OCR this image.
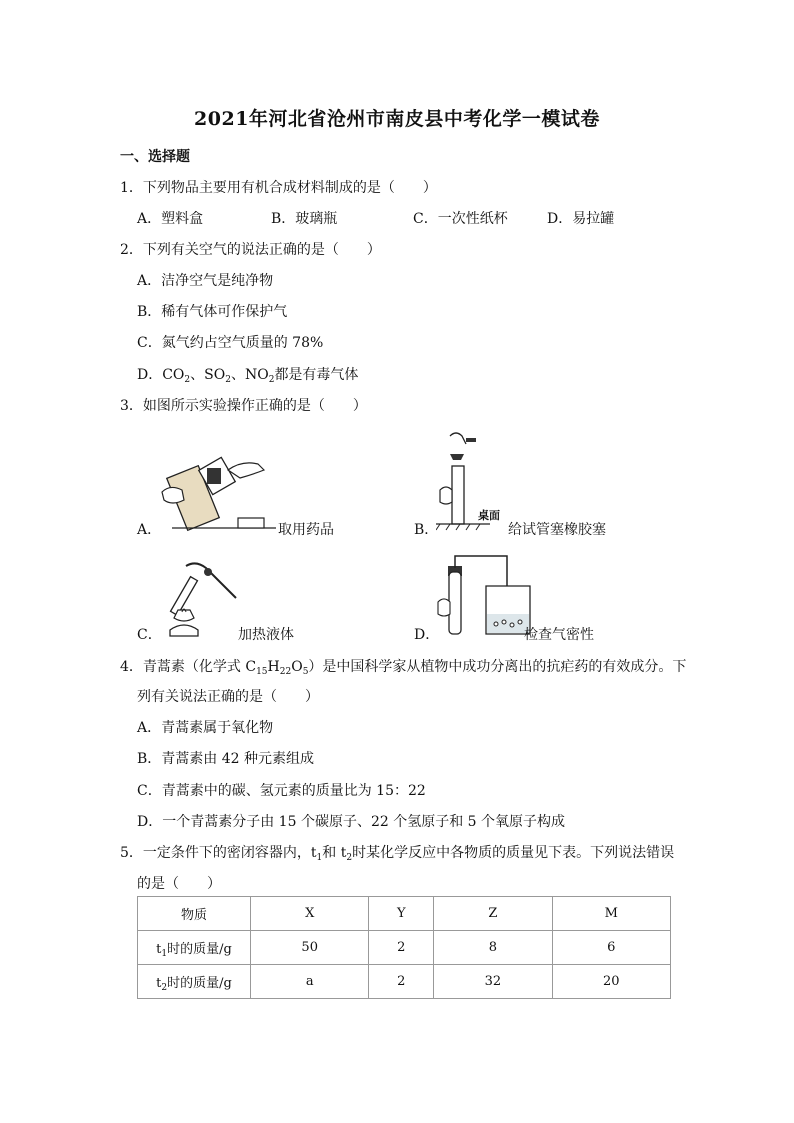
2021年河北省沧州市南皮县中考化学一模试卷
一、选择题
1．下列物品主要用有机合成材料制成的是（　　）
A．塑料盒	B．玻璃瓶	C．一次性纸杯	D．易拉罐
2．下列有关空气的说法正确的是（　　）
A．洁净空气是纯净物
B．稀有气体可作保护气
C．氮气约占空气质量的 78%
D．$CO_2$、$SO_2$、$NO_2$都是有毒气体
3．如图所示实验操作正确的是（　　）
A．	取用药品
桌面
B．	给试管塞橡胶塞
C．	加热液体	D．	检查气密性
4．青蒿素（化学式 $C_{15}H_{22}O_5$）是中国科学家从植物中成功分离出的抗疟药的有效成分。下
列有关说法正确的是（　　）
A．青蒿素属于氧化物
B．青蒿素由 42 种元素组成
C．青蒿素中的碳、氢元素的质量比为 15：22
D．一个青蒿素分子由 15 个碳原子、22 个氢原子和 5 个氧原子构成
5．一定条件下的密闭容器内，$t_1$和 $t_2$时某化学反应中各物质的质量见下表。下列说法错误
的是（　　）
物质	X	Y	Z	M
$t_1$时的质量/g	50	2	8	6
$t_2$时的质量/g	a	2	32	20
